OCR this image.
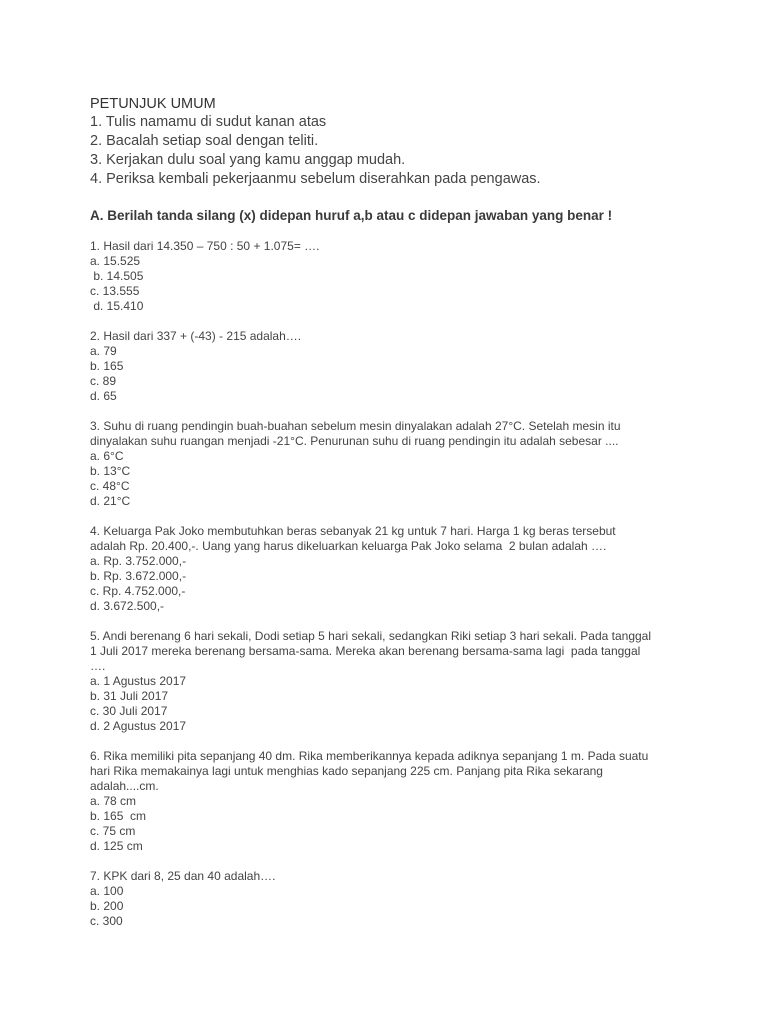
PETUNJUK UMUM
1. Tulis namamu di sudut kanan atas
2. Bacalah setiap soal dengan teliti.
3. Kerjakan dulu soal yang kamu anggap mudah.
4. Periksa kembali pekerjaanmu sebelum diserahkan pada pengawas.
A. Berilah tanda silang (x) didepan huruf a,b atau c didepan jawaban yang benar !
1. Hasil dari 14.350 – 750 : 50 + 1.075= ….
a. 15.525
b. 14.505
c. 13.555
d. 15.410
2. Hasil dari 337 + (-43) - 215 adalah….
a. 79
b. 165
c. 89
d. 65
3. Suhu di ruang pendingin buah-buahan sebelum mesin dinyalakan adalah 27°C. Setelah mesin itu
dinyalakan suhu ruangan menjadi -21°C. Penurunan suhu di ruang pendingin itu adalah sebesar ....
a. 6°C
b. 13°C
c. 48°C
d. 21°C
4. Keluarga Pak Joko membutuhkan beras sebanyak 21 kg untuk 7 hari. Harga 1 kg beras tersebut
adalah Rp. 20.400,-. Uang yang harus dikeluarkan keluarga Pak Joko selama  2 bulan adalah ….
a. Rp. 3.752.000,-
b. Rp. 3.672.000,-
c. Rp. 4.752.000,-
d. 3.672.500,-
5. Andi berenang 6 hari sekali, Dodi setiap 5 hari sekali, sedangkan Riki setiap 3 hari sekali. Pada tanggal
1 Juli 2017 mereka berenang bersama-sama. Mereka akan berenang bersama-sama lagi  pada tanggal
….
a. 1 Agustus 2017
b. 31 Juli 2017
c. 30 Juli 2017
d. 2 Agustus 2017
6. Rika memiliki pita sepanjang 40 dm. Rika memberikannya kepada adiknya sepanjang 1 m. Pada suatu
hari Rika memakainya lagi untuk menghias kado sepanjang 225 cm. Panjang pita Rika sekarang
adalah....cm.
a. 78 cm
b. 165  cm
c. 75 cm
d. 125 cm
7. KPK dari 8, 25 dan 40 adalah….
a. 100
b. 200
c. 300
